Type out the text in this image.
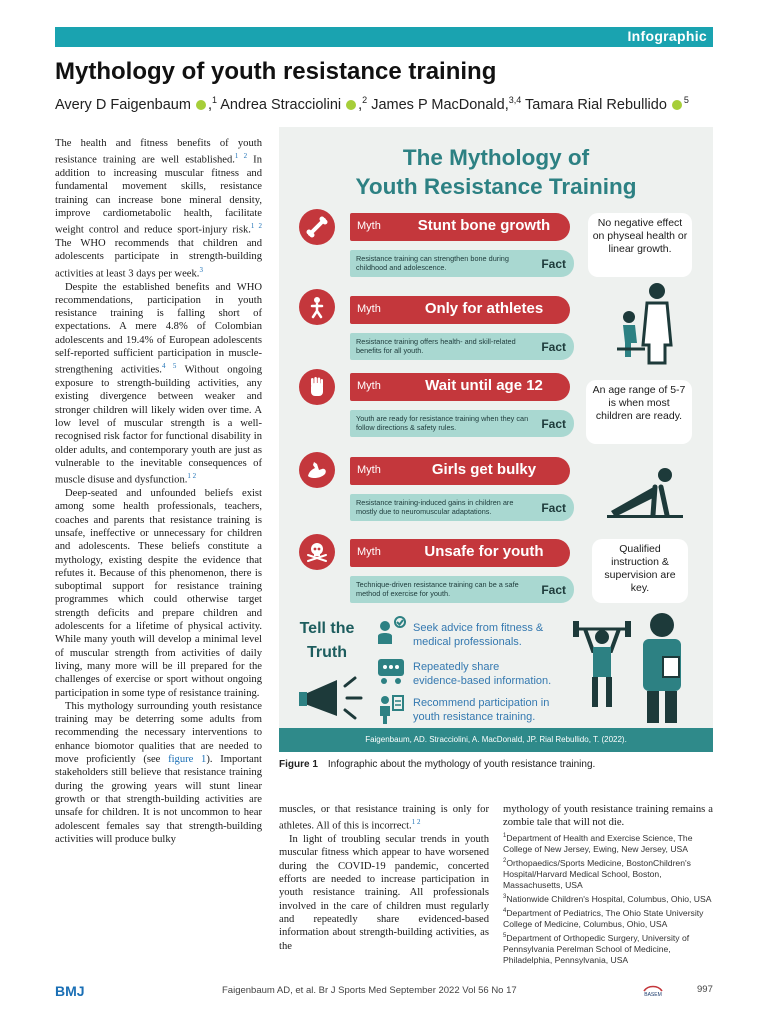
Infographic
Mythology of youth resistance training
Avery D Faigenbaum ,$^1$ Andrea Stracciolini ,$^2$ James P MacDonald,$^{3,4}$ Tamara Rial Rebullido $^5$

The health and fitness benefits of youth resistance training are well established.$^{1 2}$ In addition to increasing muscular fitness and fundamental movement skills, resistance training can increase bone mineral density, improve cardiometabolic health, facilitate weight control and reduce sport-injury risk.$^{1 2}$ The WHO recommends that children and adolescents participate in strength-building activities at least 3 days per week.$^3$

Despite the established benefits and WHO recommendations, participation in youth resistance training is falling short of expectations. A mere 4.8% of Colombian adolescents and 19.4% of European adolescents self-reported sufficient participation in muscle-strengthening activities.$^{4 5}$ Without ongoing exposure to strength-building activities, any existing divergence between weaker and stronger children will likely widen over time. A low level of muscular strength is a well-recognised risk factor for functional disability in older adults, and contemporary youth are just as vulnerable to the inevitable consequences of muscle disuse and dysfunction.$^{1 2}$

Deep-seated and unfounded beliefs exist among some health professionals, teachers, coaches and parents that resistance training is unsafe, ineffective or unnecessary for children and adolescents. These beliefs constitute a mythology, existing despite the evidence that refutes it. Because of this phenomenon, there is suboptimal support for resistance training programmes which could otherwise target strength deficits and prepare children and adolescents for a lifetime of physical activity. While many youth will develop a minimal level of muscular strength from activities of daily living, many more will be ill prepared for the challenges of exercise or sport without ongoing participation in some type of resistance training.

This mythology surrounding youth resistance training may be deterring some adults from recommending the necessary interventions to enhance biomotor qualities that are needed to move proficiently (see figure 1). Important stakeholders still believe that resistance training during the growing years will stunt linear growth or that strength-building activities are unsafe for children. It is not uncommon to hear adolescent females say that strength-building activities will produce bulky

The Mythology of
Youth Resistance Training
Myth	Stunt bone growth
Resistance training can strengthen bone during childhood and adolescence.	Fact
Myth	Only for athletes
Resistance training offers health- and skill-related benefits for all youth.	Fact
Myth	Wait until age 12
Youth are ready for resistance training when they can follow directions & safety rules.	Fact
Myth	Girls get bulky
Resistance training-induced gains in children are mostly due to neuromuscular adaptations.	Fact
Myth	Unsafe for youth
Technique-driven resistance training can be a safe method of exercise for youth.	Fact
No negative effect on physeal health or linear growth.
An age range of 5-7 is when most children are ready.
Qualified instruction & supervision are key.
Tell the
Truth
Seek advice from fitness &
medical professionals.
Repeatedly share
evidence-based information.
Recommend participation in
youth resistance training.
Faigenbaum, AD. Stracciolini, A. MacDonald, JP. Rial Rebullido, T. (2022).
Figure 1 Infographic about the mythology of youth resistance training.

muscles, or that resistance training is only for athletes. All of this is incorrect.$^{1 2}$

In light of troubling secular trends in youth muscular fitness which appear to have worsened during the COVID-19 pandemic, concerted efforts are needed to increase participation in youth resistance training. All professionals involved in the care of children must regularly and repeatedly share evidenced-based information about strength-building activities, as the

mythology of youth resistance training remains a zombie tale that will not die.

$^1$Department of Health and Exercise Science, The College of New Jersey, Ewing, New Jersey, USA
$^2$Orthopaedics/Sports Medicine, BostonChildren's Hospital/Harvard Medical School, Boston, Massachusetts, USA
$^3$Nationwide Children's Hospital, Columbus, Ohio, USA
$^4$Department of Pediatrics, The Ohio State University College of Medicine, Columbus, Ohio, USA
$^5$Department of Orthopedic Surgery, University of Pennsylvania Perelman School of Medicine, Philadelphia, Pennsylvania, USA
BMJ	Faigenbaum AD, et al. Br J Sports Med September 2022 Vol 56 No 17	BASEM	997
